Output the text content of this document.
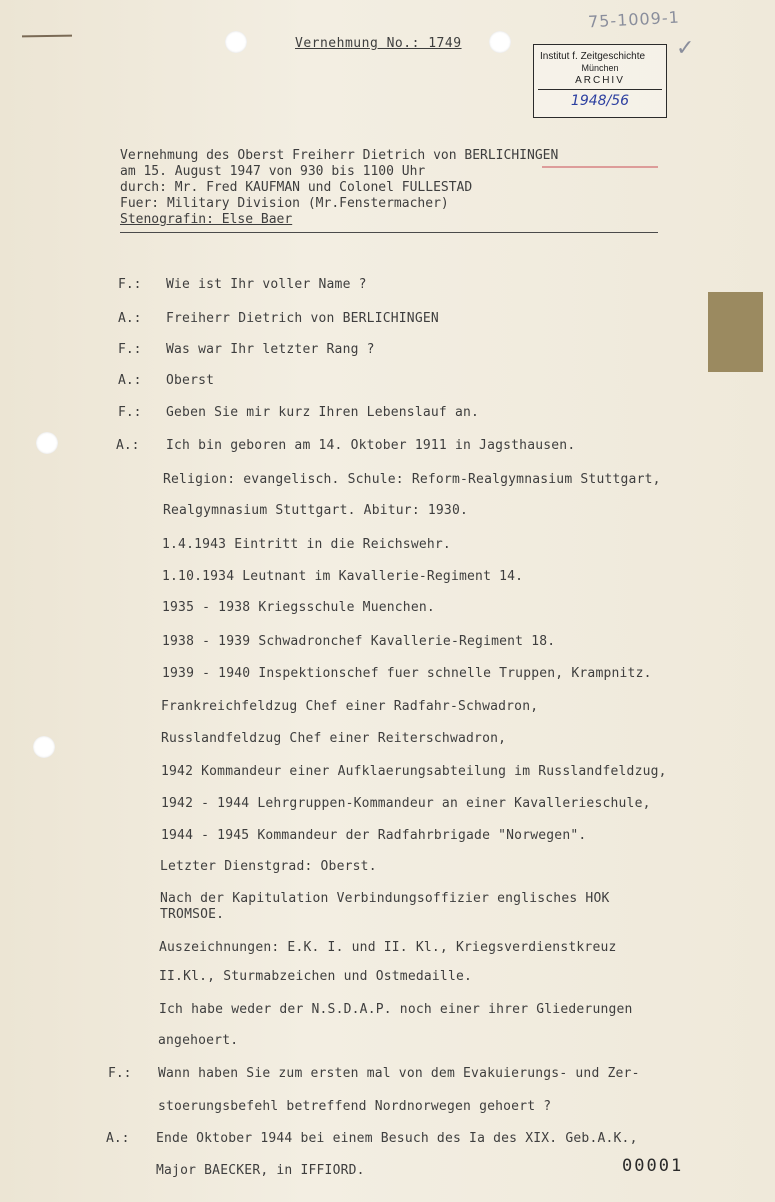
75-1009-1
✓
Institut f. Zeitgeschichte
München
ARCHIV
1948/56
Vernehmung No.: 1749
Vernehmung des Oberst Freiherr Dietrich von BERLICHINGEN
am 15. August 1947 von 930 bis 1100 Uhr
durch: Mr. Fred KAUFMAN und Colonel FULLESTAD
Fuer: Military Division (Mr.Fenstermacher)
Stenografin: Else Baer
F.: Wie ist Ihr voller Name ?
A.: Freiherr Dietrich von BERLICHINGEN
F.: Was war Ihr letzter Rang ?
A.: Oberst
F.: Geben Sie mir kurz Ihren Lebenslauf an.
A.: Ich bin geboren am 14. Oktober 1911 in Jagsthausen.
Religion: evangelisch. Schule: Reform-Realgymnasium Stuttgart,
Realgymnasium Stuttgart. Abitur: 1930.
1.4.1943 Eintritt in die Reichswehr.
1.10.1934 Leutnant im Kavallerie-Regiment 14.
1935 - 1938 Kriegsschule Muenchen.
1938 - 1939 Schwadronchef Kavallerie-Regiment 18.
1939 - 1940 Inspektionschef fuer schnelle Truppen, Krampnitz.
Frankreichfeldzug Chef einer Radfahr-Schwadron,
Russlandfeldzug Chef einer Reiterschwadron,
1942 Kommandeur einer Aufklaerungsabteilung im Russlandfeldzug,
1942 - 1944 Lehrgruppen-Kommandeur an einer Kavallerieschule,
1944 - 1945 Kommandeur der Radfahrbrigade "Norwegen".
Letzter Dienstgrad: Oberst.
Nach der Kapitulation Verbindungsoffizier englisches HOK
TROMSOE.
Auszeichnungen: E.K. I. und II. Kl., Kriegsverdienstkreuz
II.Kl., Sturmabzeichen und Ostmedaille.
Ich habe weder der N.S.D.A.P. noch einer ihrer Gliederungen
angehoert.
F.: Wann haben Sie zum ersten mal von dem Evakuierungs- und Zer-
stoerungsbefehl betreffend Nordnorwegen gehoert ?
A.: Ende Oktober 1944 bei einem Besuch des Ia des XIX. Geb.A.K.,
Major BAECKER, in IFFIORD.	00001
